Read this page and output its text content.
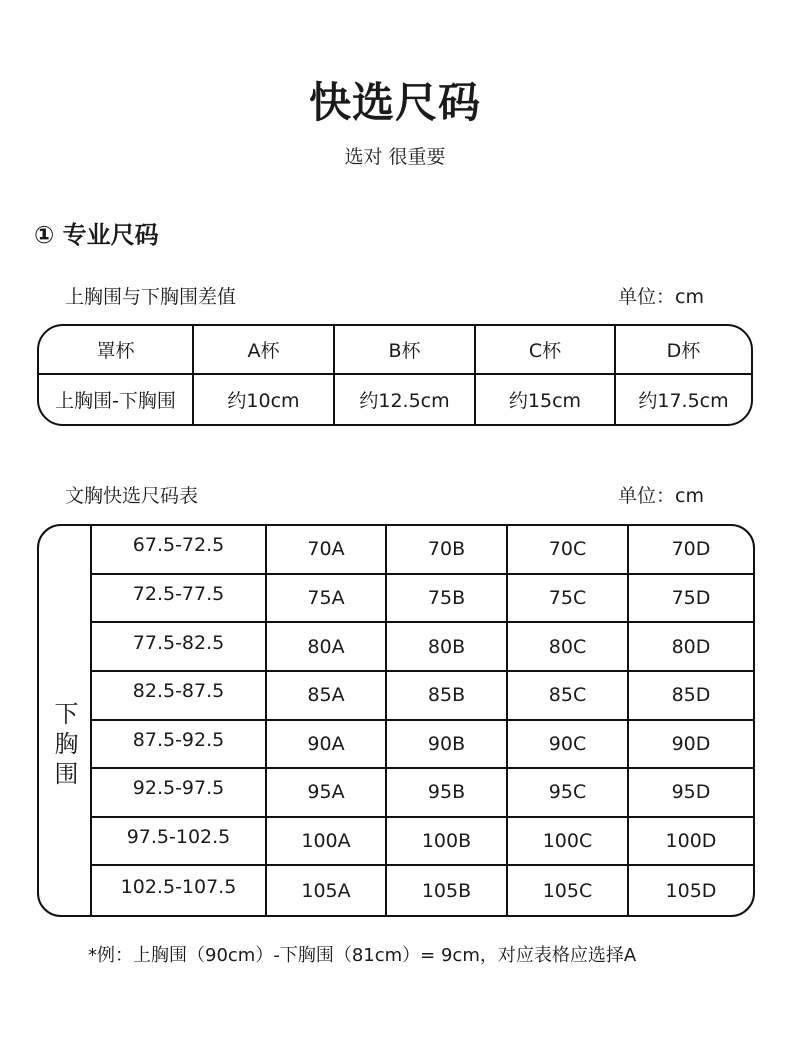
快选尺码
选对 很重要
① 专业尺码
上胸围与下胸围差值	单位：cm
罩杯	A杯	B杯	C杯	D杯
上胸围-下胸围	约10cm	约12.5cm	约15cm	约17.5cm
文胸快选尺码表	单位：cm
下胸围
67.5-72.5	70A	70B	70C	70D
72.5-77.5	75A	75B	75C	75D
77.5-82.5	80A	80B	80C	80D
82.5-87.5	85A	85B	85C	85D
87.5-92.5	90A	90B	90C	90D
92.5-97.5	95A	95B	95C	95D
97.5-102.5	100A	100B	100C	100D
102.5-107.5	105A	105B	105C	105D
*例：上胸围（90cm）-下胸围（81cm）= 9cm，对应表格应选择A
